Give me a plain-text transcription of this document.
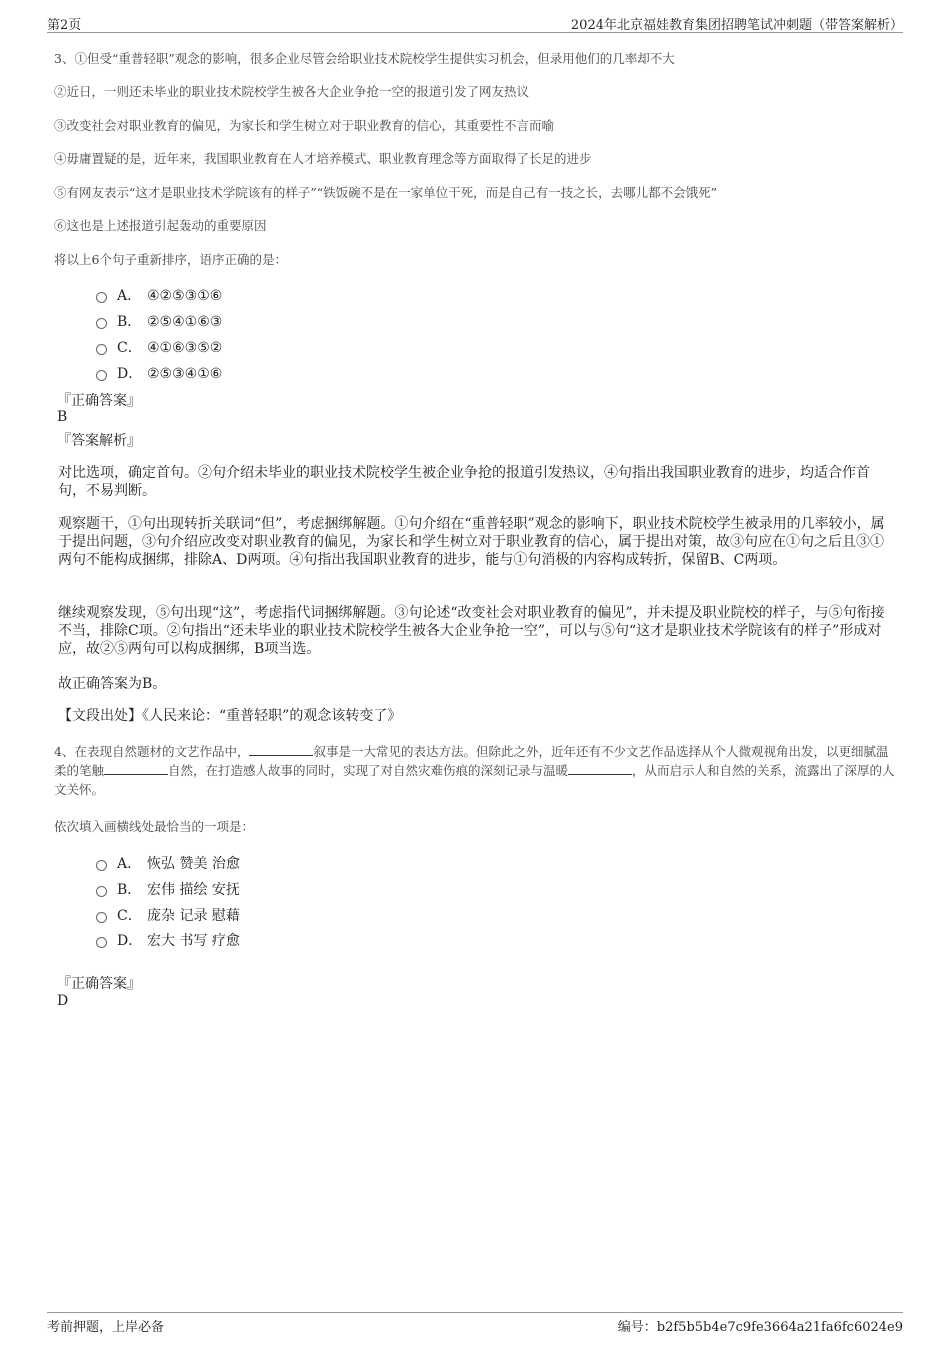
第2页	2024年北京福娃教育集团招聘笔试冲刺题（带答案解析）
3、①但受“重普轻职”观念的影响，很多企业尽管会给职业技术院校学生提供实习机会，但录用他们的几率却不大
②近日，一则还未毕业的职业技术院校学生被各大企业争抢一空的报道引发了网友热议
③改变社会对职业教育的偏见，为家长和学生树立对于职业教育的信心，其重要性不言而喻
④毋庸置疑的是，近年来，我国职业教育在人才培养模式、职业教育理念等方面取得了长足的进步
⑤有网友表示“这才是职业技术学院该有的样子”“铁饭碗不是在一家单位干死，而是自己有一技之长，去哪儿都不会饿死”
⑥这也是上述报道引起轰动的重要原因
将以上6个句子重新排序，语序正确的是：
A． ④②⑤③①⑥
B． ②⑤④①⑥③
C． ④①⑥③⑤②
D． ②⑤③④①⑥
『正确答案』
B
『答案解析』
对比选项，确定首句。②句介绍未毕业的职业技术院校学生被企业争抢的报道引发热议，④句指出我国职业教育的进步，均适合作首句，不易判断。
观察题干，①句出现转折关联词“但”，考虑捆绑解题。①句介绍在“重普轻职”观念的影响下，职业技术院校学生被录用的几率较小，属于提出问题，③句介绍应改变对职业教育的偏见，为家长和学生树立对于职业教育的信心，属于提出对策，故③句应在①句之后且③①两句不能构成捆绑，排除A、D两项。④句指出我国职业教育的进步，能与①句消极的内容构成转折，保留B、C两项。
继续观察发现，⑤句出现“这”，考虑指代词捆绑解题。③句论述“改变社会对职业教育的偏见”，并未提及职业院校的样子，与⑤句衔接不当，排除C项。②句指出“还未毕业的职业技术院校学生被各大企业争抢一空”，可以与⑤句“这才是职业技术学院该有的样子”形成对应，故②⑤两句可以构成捆绑，B项当选。
故正确答案为B。
【文段出处】《人民来论：“重普轻职”的观念该转变了》
4、在表现自然题材的文艺作品中，	叙事是一大常见的表达方法。但除此之外，近年还有不少文艺作品选择从个人微观视角出发，以更细腻温柔的笔触	自然，在打造感人故事的同时，实现了对自然灾难伤痕的深刻记录与温暖	，从而启示人和自然的关系，流露出了深厚的人文关怀。
依次填入画横线处最恰当的一项是：
A． 恢弘 赞美 治愈
B． 宏伟 描绘 安抚
C． 庞杂 记录 慰藉
D． 宏大 书写 疗愈
『正确答案』
D
考前押题，上岸必备	编号：b2f5b5b4e7c9fe3664a21fa6fc6024e9
